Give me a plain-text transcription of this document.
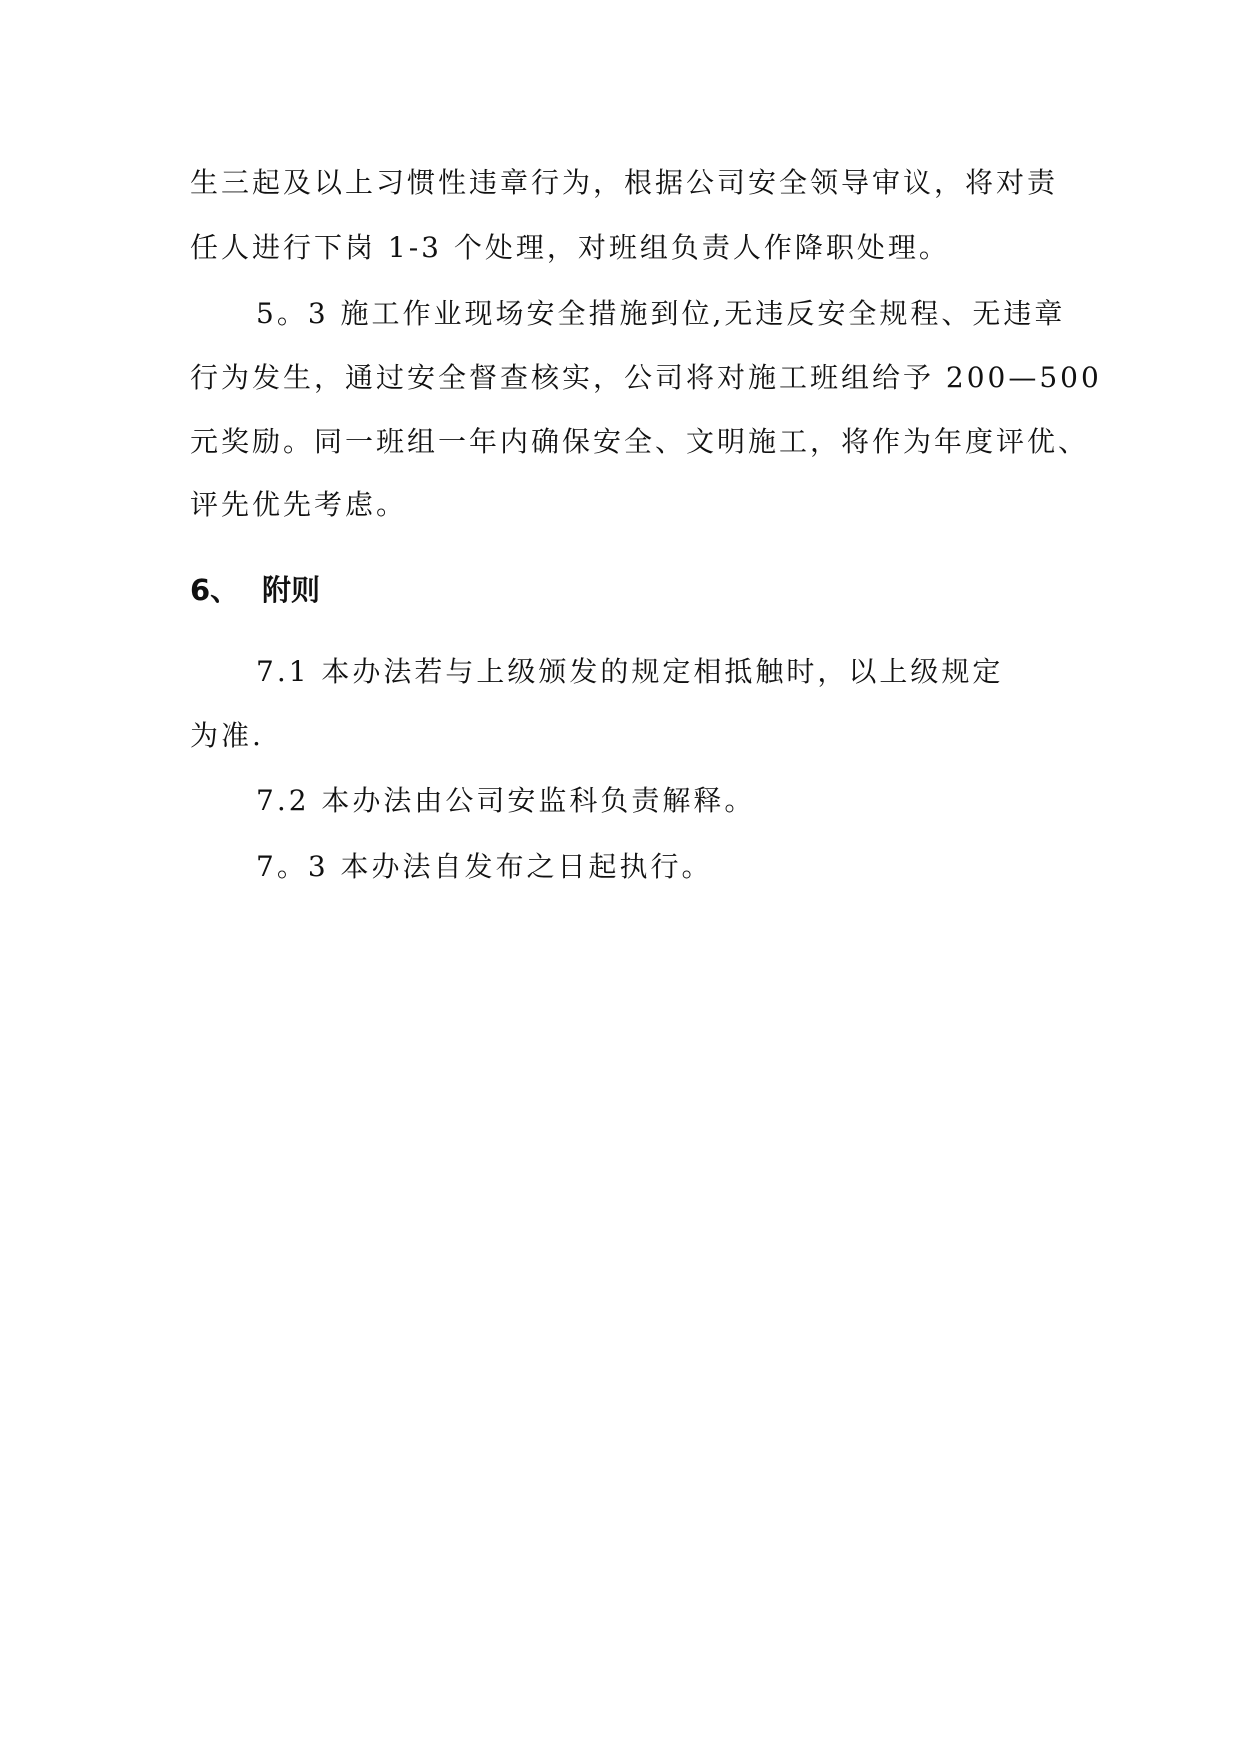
生三起及以上习惯性违章行为，根据公司安全领导审议，将对责
任人进行下岗 1-3 个处理，对班组负责人作降职处理。
5。3 施工作业现场安全措施到位,无违反安全规程、无违章
行为发生，通过安全督查核实，公司将对施工班组给予 200—500
元奖励。同一班组一年内确保安全、文明施工，将作为年度评优、
评先优先考虑。
6、 附则
7.1 本办法若与上级颁发的规定相抵触时，以上级规定
为准.
7.2 本办法由公司安监科负责解释。
7。3 本办法自发布之日起执行。
